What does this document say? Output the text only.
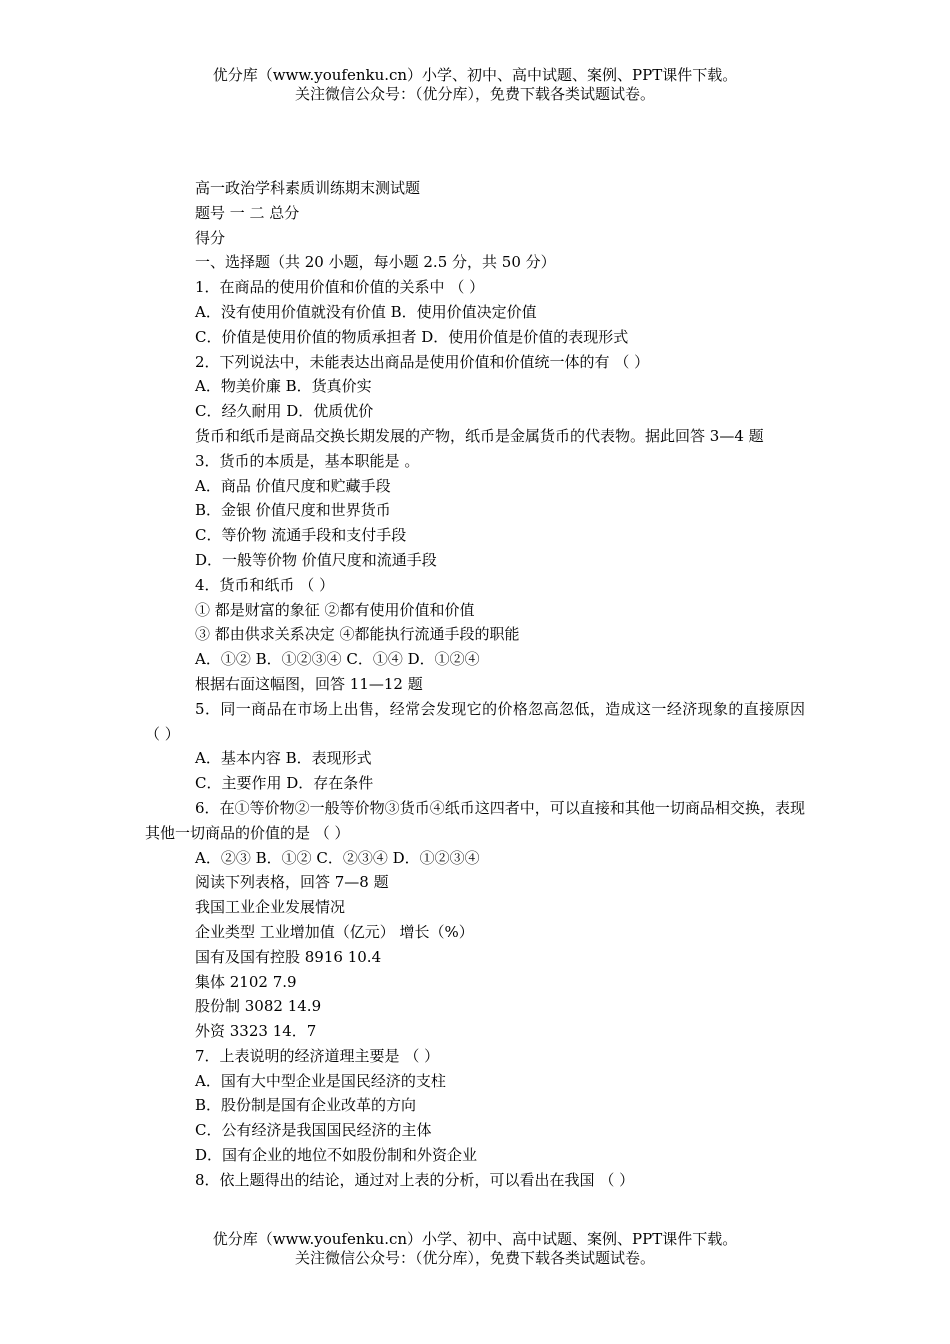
优分库（www.youfenku.cn）小学、初中、高中试题、案例、PPT课件下载。
关注微信公众号：（优分库），免费下载各类试题试卷。
高一政治学科素质训练期末测试题
题号 一 二 总分
得分
一、选择题（共 20 小题，每小题 2.5 分，共 50 分）
1．在商品的使用价值和价值的关系中 （ ）
A．没有使用价值就没有价值 B．使用价值决定价值
C．价值是使用价值的物质承担者 D．使用价值是价值的表现形式
2．下列说法中，未能表达出商品是使用价值和价值统一体的有 （ ）
A．物美价廉 B．货真价实
C．经久耐用 D．优质优价
货币和纸币是商品交换长期发展的产物，纸币是金属货币的代表物。据此回答 3—4 题
3．货币的本质是，基本职能是 。
A．商品 价值尺度和贮藏手段
B．金银 价值尺度和世界货币
C．等价物 流通手段和支付手段
D．一般等价物 价值尺度和流通手段
4．货币和纸币 （ ）
① 都是财富的象征 ②都有使用价值和价值
③ 都由供求关系决定 ④都能执行流通手段的职能
A．①② B．①②③④ C．①④ D．①②④
根据右面这幅图，回答 11—12 题
5．同一商品在市场上出售，经常会发现它的价格忽高忽低，造成这一经济现象的直接原因 （ ）
A．基本内容 B．表现形式
C．主要作用 D．存在条件
6．在①等价物②一般等价物③货币④纸币这四者中，可以直接和其他一切商品相交换，表现其他一切商品的价值的是 （ ）
A．②③ B．①② C．②③④ D．①②③④
阅读下列表格，回答 7—8 题
我国工业企业发展情况
企业类型 工业增加值（亿元） 增长（%）
国有及国有控股 8916 10.4
集体 2102 7.9
股份制 3082 14.9
外资 3323 14．7
7．上表说明的经济道理主要是 （ ）
A．国有大中型企业是国民经济的支柱
B．股份制是国有企业改革的方向
C．公有经济是我国国民经济的主体
D．国有企业的地位不如股份制和外资企业
8．依上题得出的结论，通过对上表的分析，可以看出在我国 （ ）
优分库（www.youfenku.cn）小学、初中、高中试题、案例、PPT课件下载。
关注微信公众号：（优分库），免费下载各类试题试卷。
